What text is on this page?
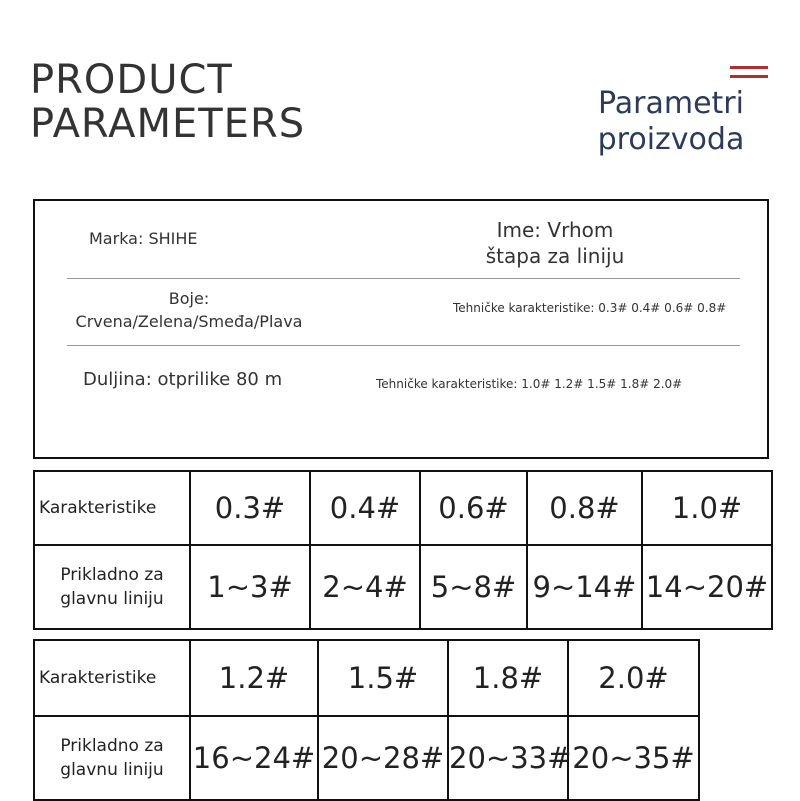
PRODUCT
PARAMETERS	Parametri
proizvoda
Marka: SHIHE	Ime: Vrhom
štapa za liniju
Boje:
Crvena/Zelena/Smeđa/Plava
Tehničke karakteristike: 0.3# 0.4# 0.6# 0.8#
Duljina: otprilike 80 m	Tehničke karakteristike: 1.0# 1.2# 1.5# 1.8# 2.0#
Karakteristike	0.3#	0.4#	0.6#	0.8#	1.0#

Prikladno za
glavnu liniju	1~3#	2~4#	5~8#	9~14#	14~20#
Karakteristike	1.2#	1.5#	1.8#	2.0#

Prikladno za
glavnu liniju	16~24#	20~28#	20~33#	20~35#
